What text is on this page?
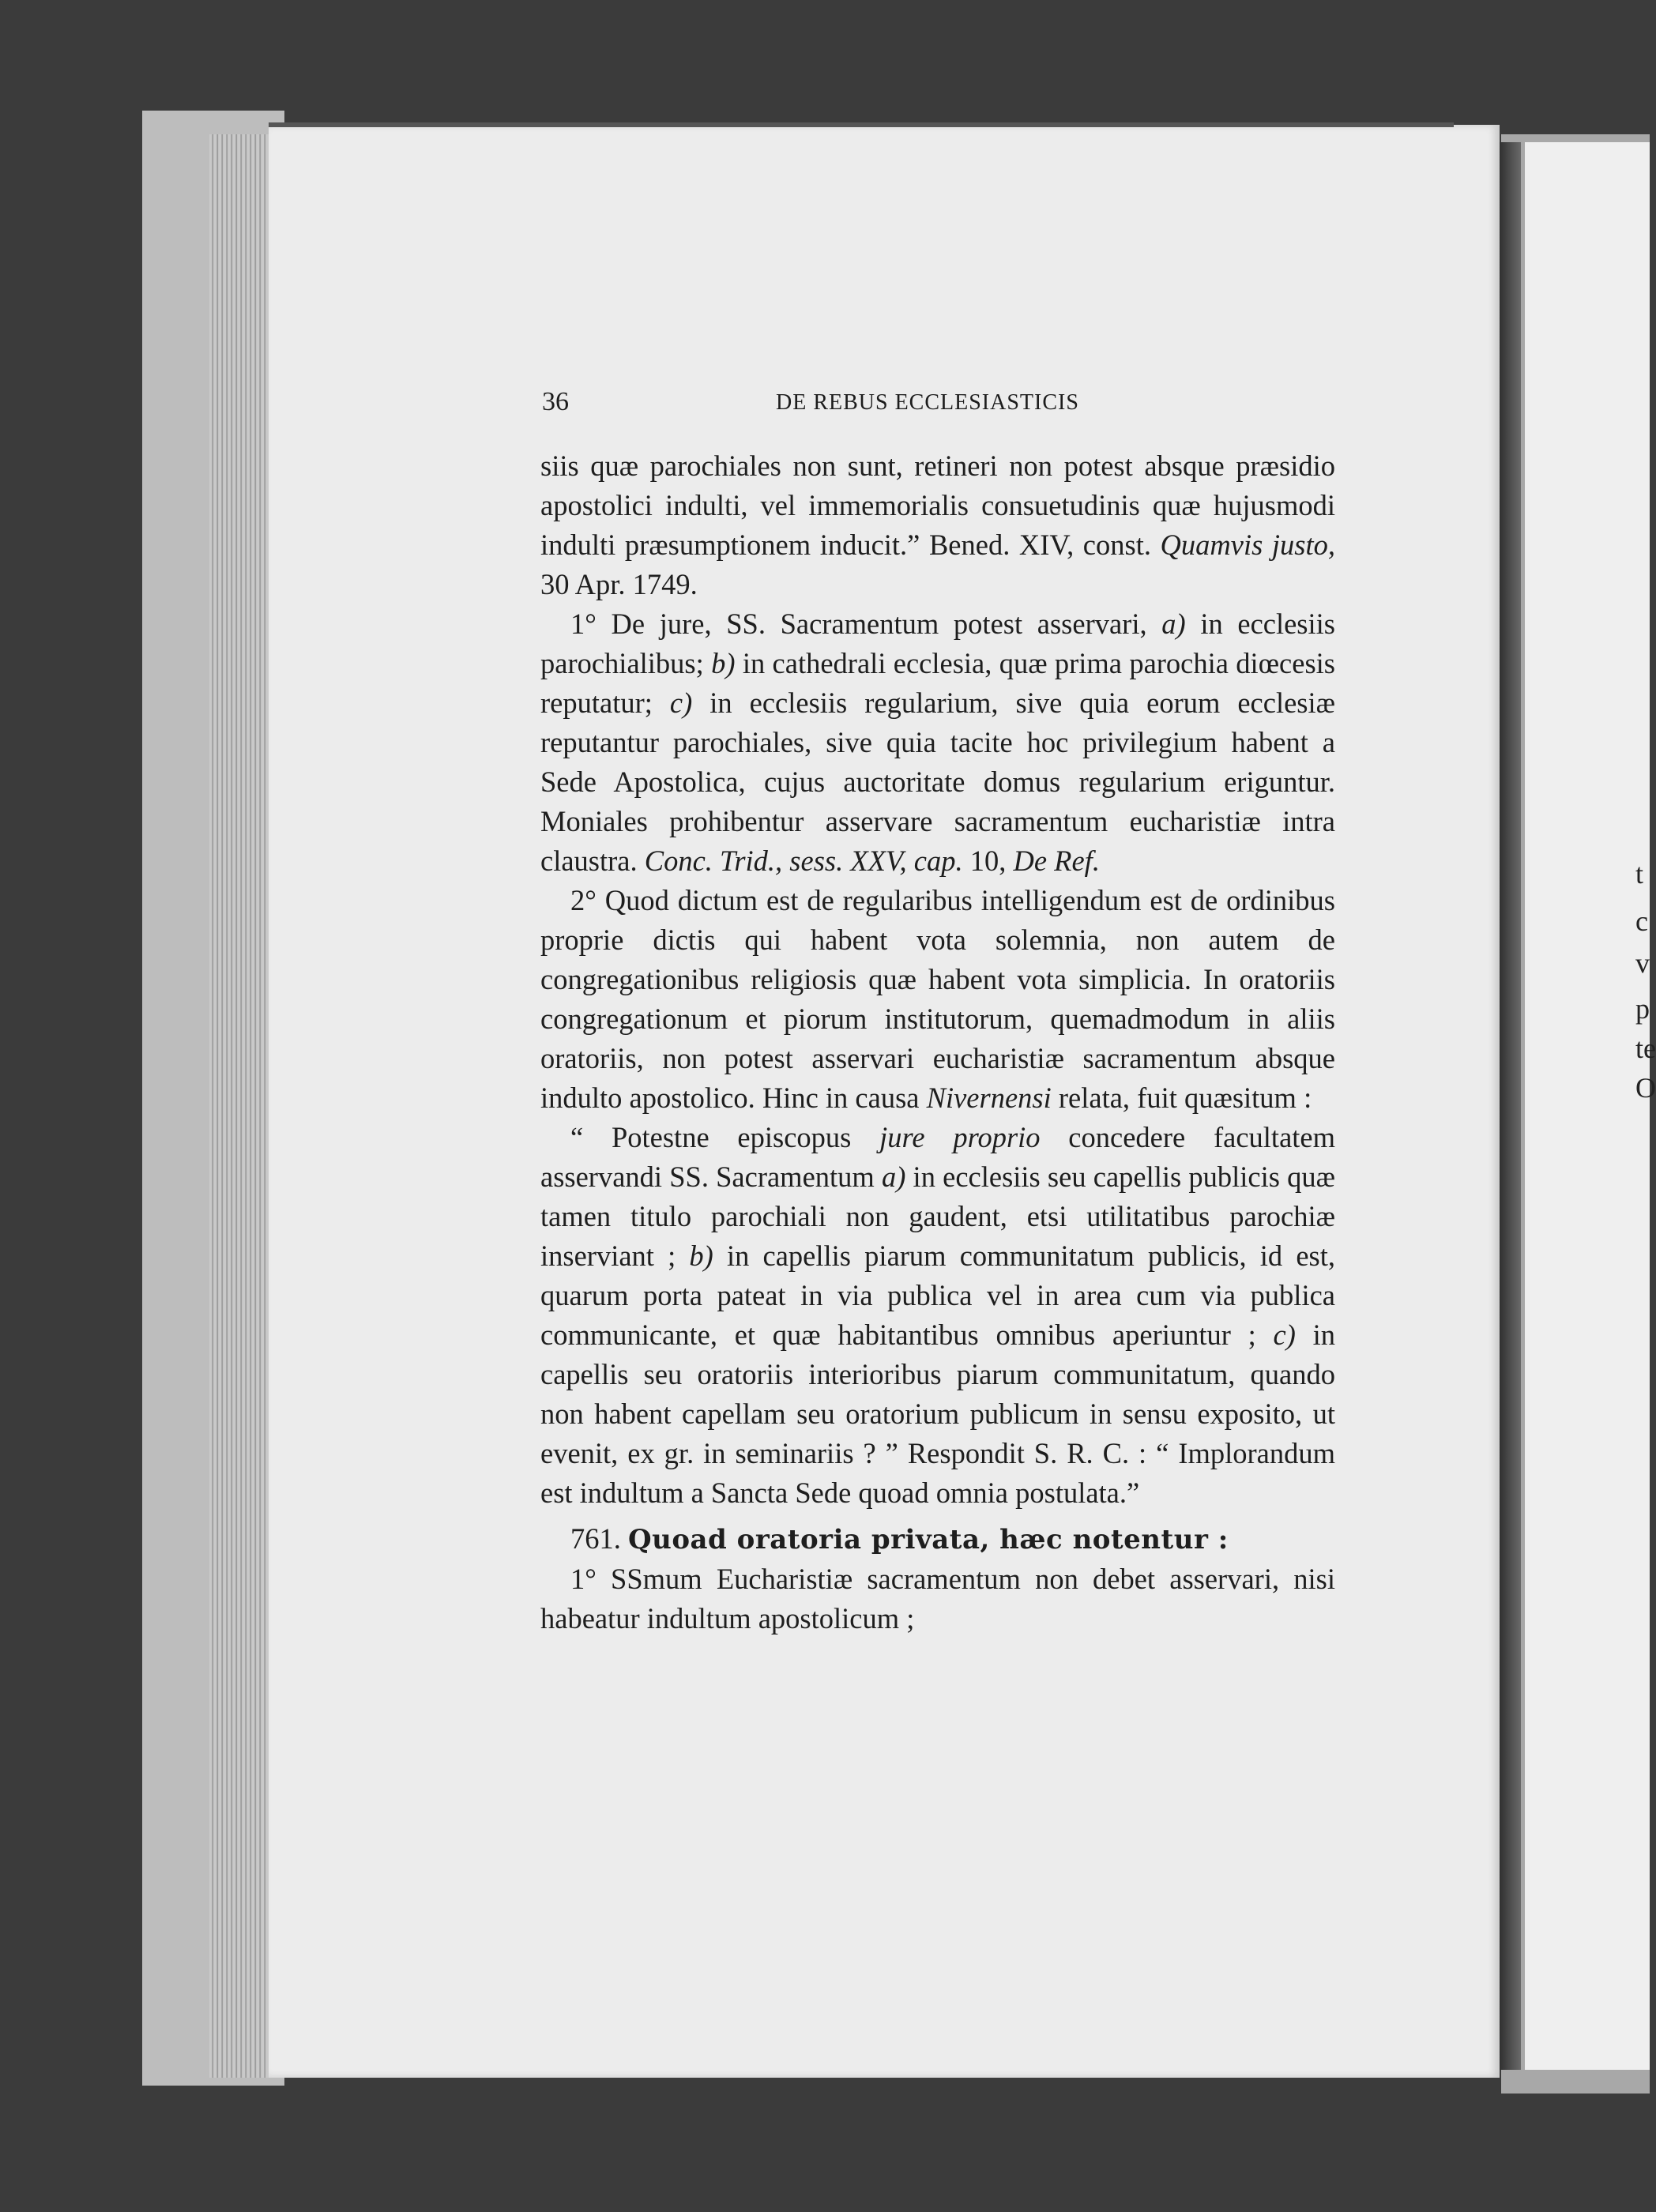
t
c
v
p
te
O
36	DE REBUS ECCLESIASTICIS

siis quæ parochiales non sunt, retineri non potest absque præsidio apostolici indulti, vel immemorialis consuetudinis quæ hujusmodi indulti præsumptionem inducit.” Bened. XIV, const. Quamvis justo, 30 Apr. 1749.

1° De jure, SS. Sacramentum potest asservari, a) in ecclesiis parochialibus; b) in cathedrali ecclesia, quæ prima parochia diœcesis reputatur; c) in ecclesiis regularium, sive quia eorum ecclesiæ reputantur parochiales, sive quia tacite hoc privilegium habent a Sede Apostolica, cujus auctoritate domus regularium eriguntur. Moniales prohibentur asservare sacramentum eucharistiæ intra claustra. Conc. Trid., sess. XXV, cap. 10, De Ref.

2° Quod dictum est de regularibus intelligendum est de ordinibus proprie dictis qui habent vota solemnia, non autem de congregationibus religiosis quæ habent vota simplicia. In oratoriis congregationum et piorum institutorum, quemadmodum in aliis oratoriis, non potest asservari eucharistiæ sacramentum absque indulto apostolico. Hinc in causa Nivernensi relata, fuit quæsitum :

“ Potestne episcopus jure proprio concedere facultatem asservandi SS. Sacramentum a) in ecclesiis seu capellis publicis quæ tamen titulo parochiali non gaudent, etsi utilitatibus parochiæ inserviant ; b) in capellis piarum communitatum publicis, id est, quarum porta pateat in via publica vel in area cum via publica communicante, et quæ habitantibus omnibus aperiuntur ; c) in capellis seu oratoriis interioribus piarum communitatum, quando non habent capellam seu oratorium publicum in sensu exposito, ut evenit, ex gr. in seminariis ? ” Respondit S. R. C. : “ Implorandum est indultum a Sancta Sede quoad omnia postulata.”

761. Quoad oratoria privata, hæc notentur :

1° SSmum Eucharistiæ sacramentum non debet asservari, nisi habeatur indultum apostolicum ;
